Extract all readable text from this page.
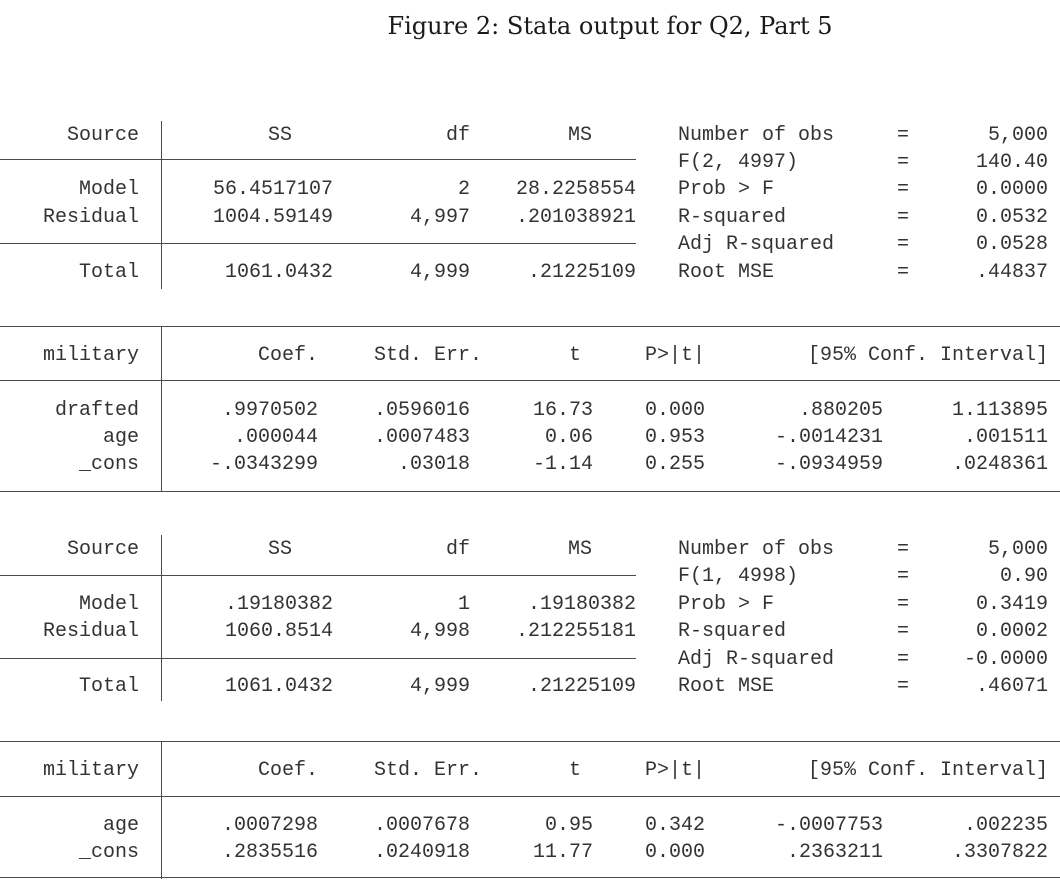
Figure 2: Stata output for Q2, Part 5
Source	SS	df	MS
Model	56.4517107	2 28.2258554
Residual	1004.59149	4,997 .201038921
Total	1061.0432	4,999	.21225109
Number of obs	=	5,000
F(2, 4997)	=	140.40
Prob > F	=	0.0000
R-squared	=	0.0532
Adj R-squared	=	0.0528
Root MSE	=	.44837
military	Coef.	Std. Err.	t	P>|t|	[95% Conf. Interval]
drafted	.9970502	.0596016	16.73	0.000	.880205	1.113895
age	.000044	.0007483	0.06	0.953	-.0014231	.001511
_cons	-.0343299	.03018	-1.14	0.255	-.0934959	.0248361
Source	SS	df	MS
Model	.19180382	1	.19180382
Residual	1060.8514	4,998 .212255181
Total	1061.0432	4,999	.21225109
Number of obs	=	5,000
F(1, 4998)	=	0.90
Prob > F	=	0.3419
R-squared	=	0.0002
Adj R-squared	=	-0.0000
Root MSE	=	.46071
military	Coef.	Std. Err.	t	P>|t|	[95% Conf. Interval]
age	.0007298	.0007678	0.95	0.342	-.0007753	.002235
_cons	.2835516	.0240918	11.77	0.000	.2363211	.3307822
